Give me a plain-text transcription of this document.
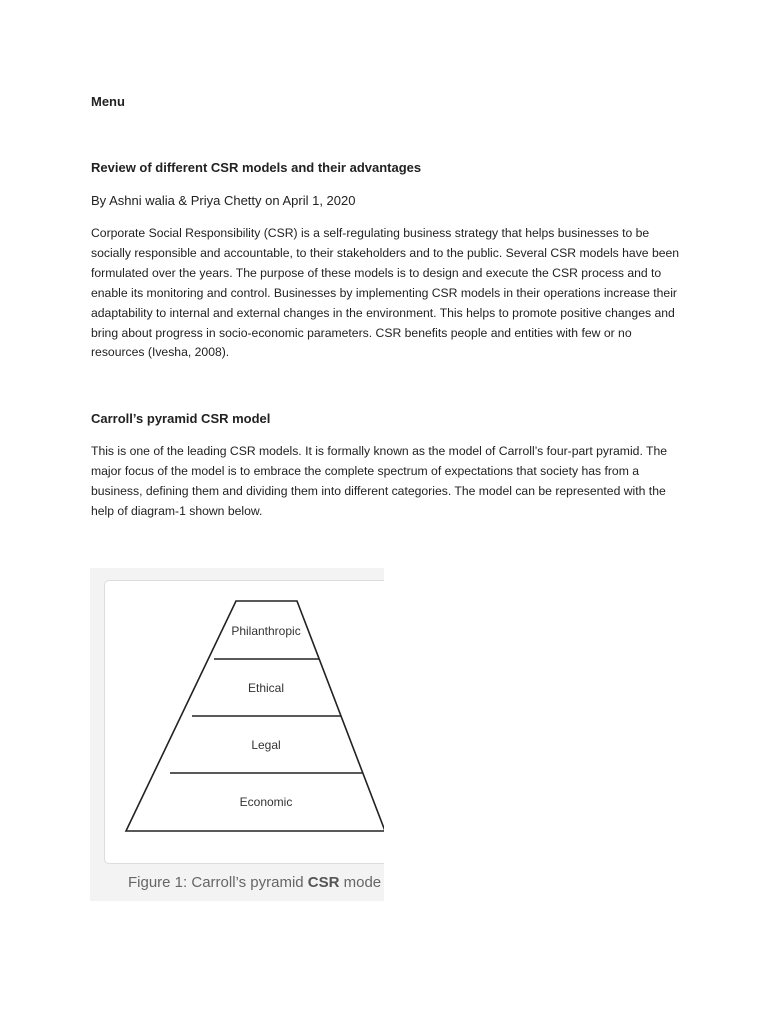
Menu
Review of different CSR models and their advantages
By Ashni walia & Priya Chetty on April 1, 2020

Corporate Social Responsibility (CSR) is a self-regulating business strategy that helps businesses to be socially responsible and accountable, to their stakeholders and to the public. Several CSR models have been formulated over the years. The purpose of these models is to design and execute the CSR process and to enable its monitoring and control. Businesses by implementing CSR models in their operations increase their adaptability to internal and external changes in the environment. This helps to promote positive changes and bring about progress in socio-economic parameters. CSR benefits people and entities with few or no resources (Ivesha, 2008).

Carroll’s pyramid CSR model

This is one of the leading CSR models. It is formally known as the model of Carroll’s four-part pyramid. The major focus of the model is to embrace the complete spectrum of expectations that society has from a business, defining them and dividing them into different categories. The model can be represented with the help of diagram-1 shown below.

Philanthropic
Ethical
Legal
Economic
Figure 1: Carroll’s pyramid CSR mode
